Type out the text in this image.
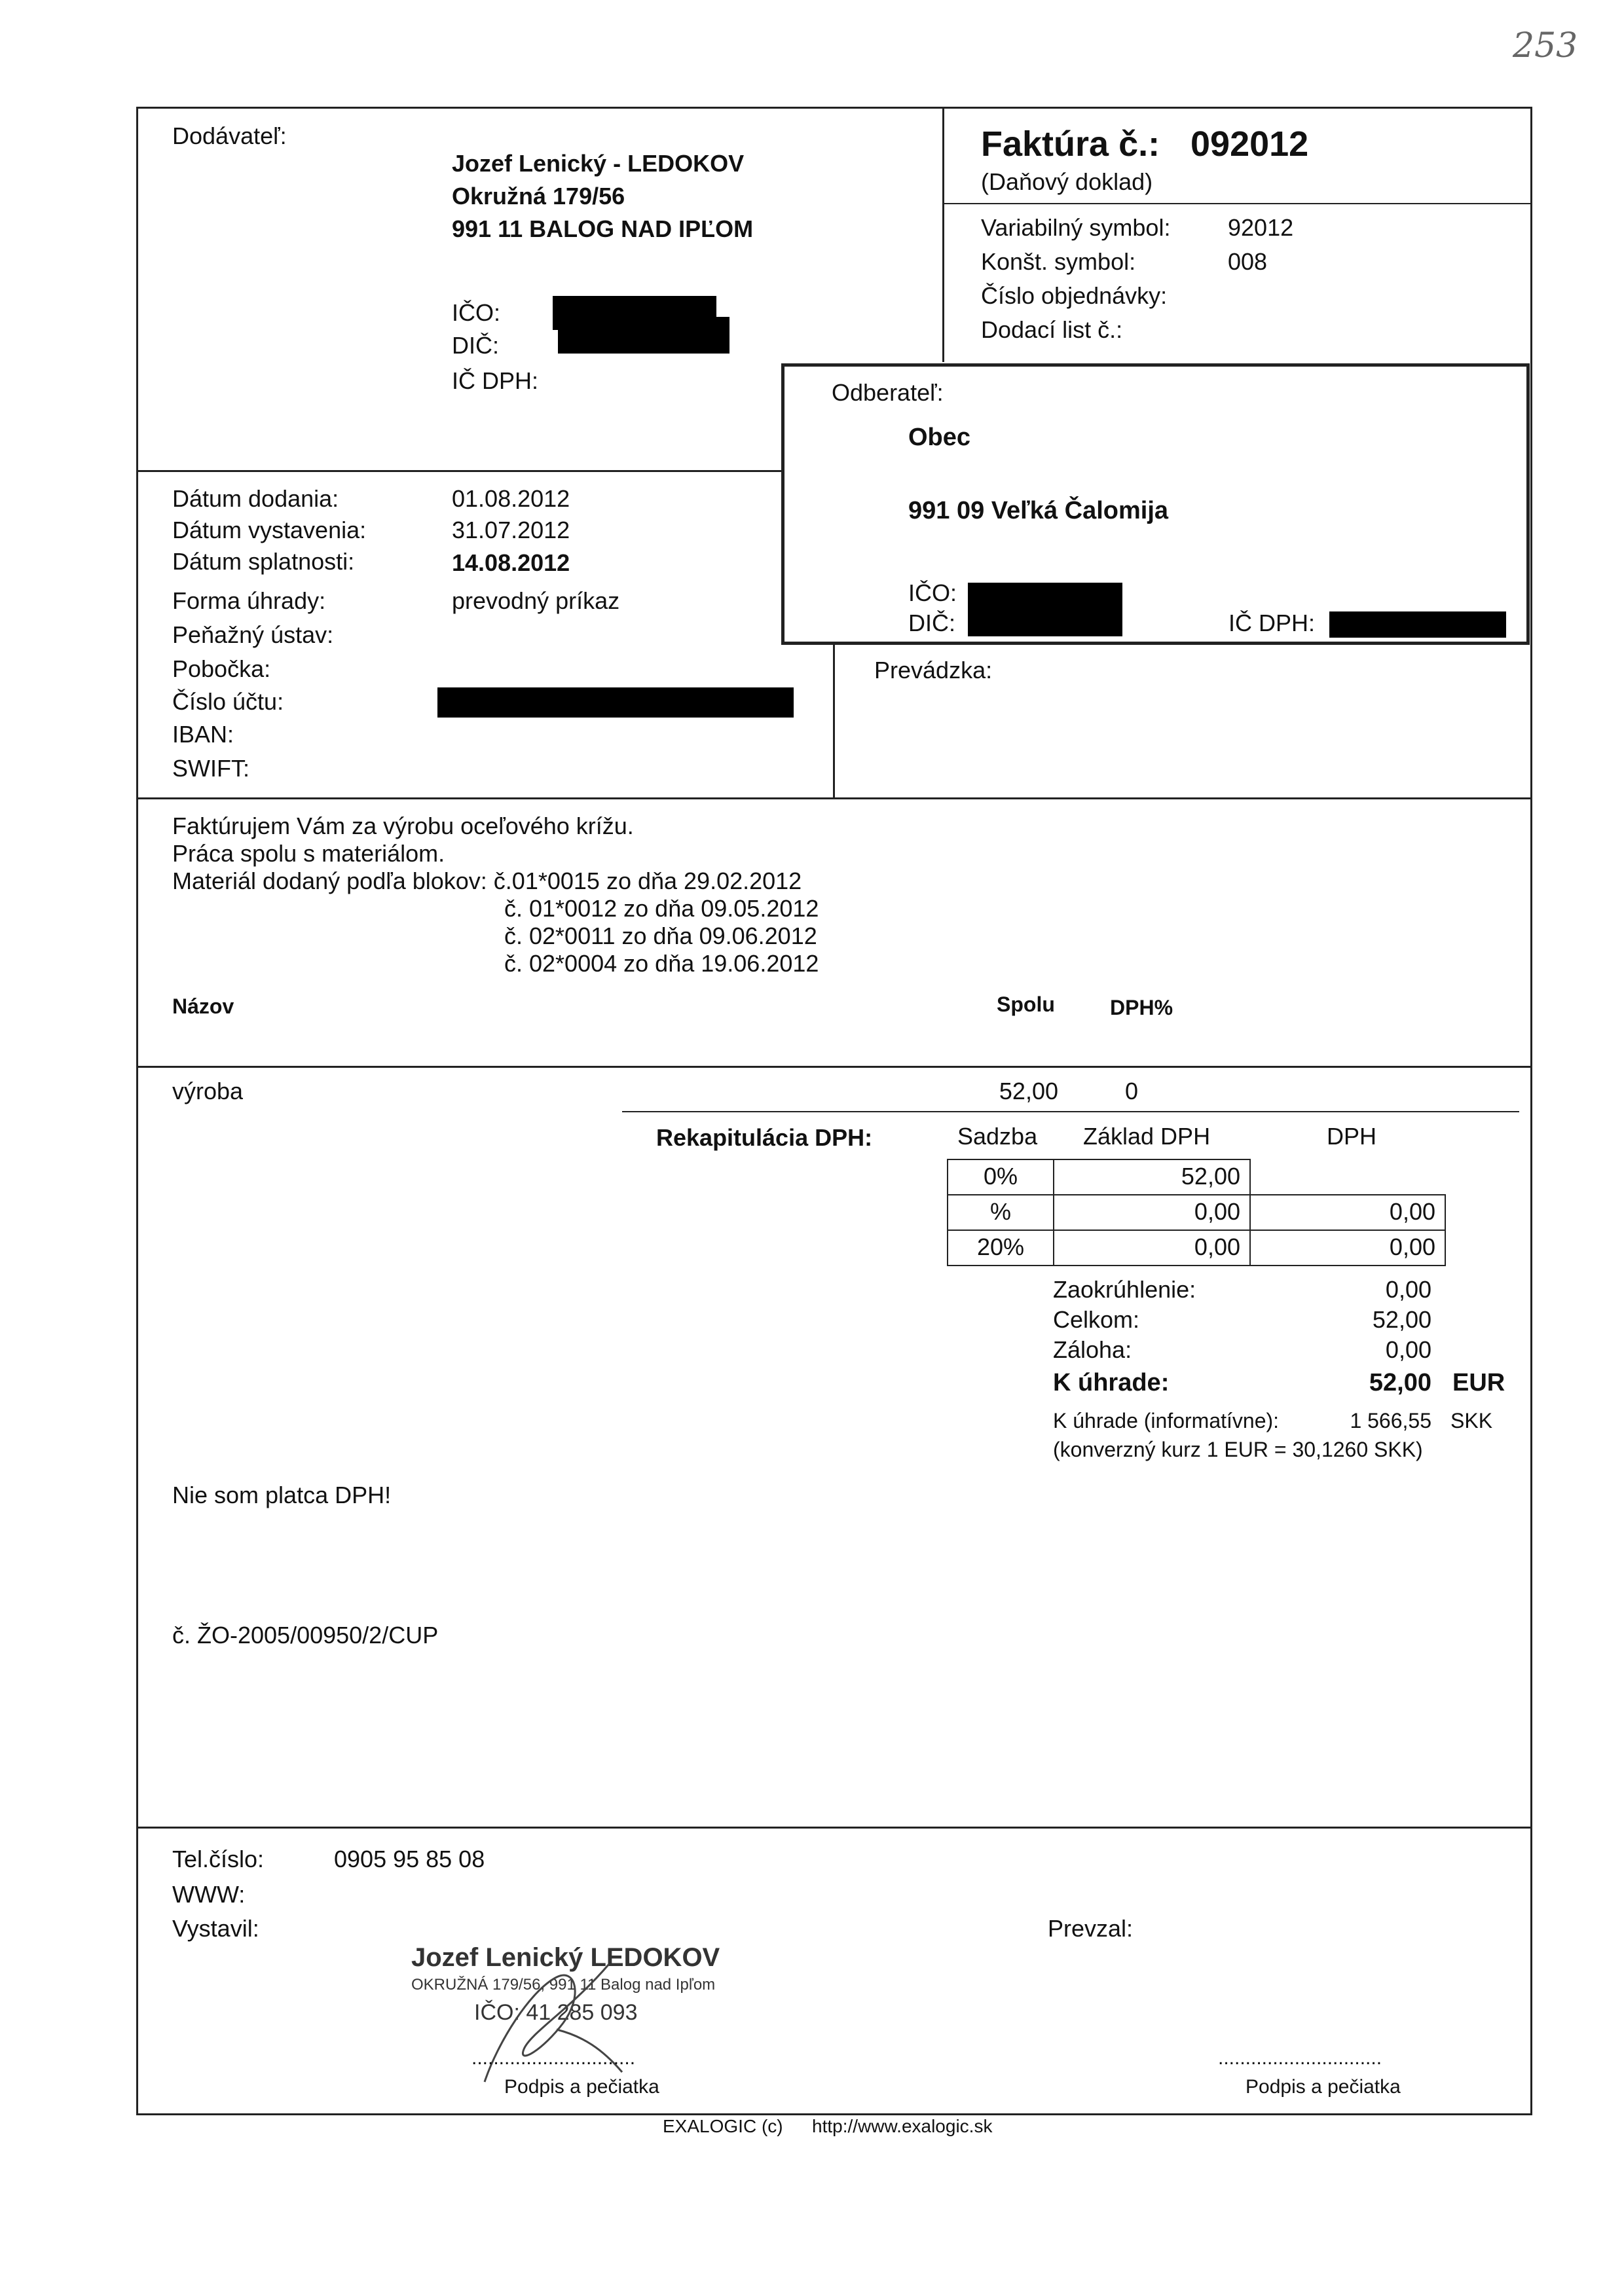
253
Dodávateľ:
Jozef Lenický - LEDOKOV
Okružná 179/56
991 11 BALOG NAD IPĽOM
IČO:
DIČ:
IČ DPH:
Faktúra č.: 092012
(Daňový doklad)
Variabilný symbol: 92012
Konšt. symbol:	008
Číslo objednávky:
Dodací list č.:
Odberateľ:
Obec
991 09 Veľká Čalomija
IČO:
DIČ:	IČ DPH:
Prevádzka:
Dátum dodania:	01.08.2012
Dátum vystavenia:	31.07.2012
Dátum splatnosti:	14.08.2012
Forma úhrady:	prevodný príkaz
Peňažný ústav:
Pobočka:
Číslo účtu:
IBAN:
SWIFT:
Faktúrujem Vám za výrobu oceľového krížu.
Práca spolu s materiálom.
Materiál dodaný podľa blokov: č.01*0015 zo dňa 29.02.2012
č. 01*0012 zo dňa 09.05.2012
č. 02*0011 zo dňa 09.06.2012
č. 02*0004 zo dňa 19.06.2012
Názov	Spolu	DPH%
výroba	52,00	0
Rekapitulácia DPH:	Sadzba Základ DPH	DPH
0%	52,00
%	0,00	0,00
20%	0,00	0,00
Zaokrúhlenie:	0,00
Celkom:	52,00
Záloha:	0,00
K úhrade:	52,00 EUR
K úhrade (informatívne):	1 566,55 SKK
(konverzný kurz 1 EUR = 30,1260 SKK)
Nie som platca DPH!
č. ŽO-2005/00950/2/CUP
Tel.číslo:	0905 95 85 08
WWW:
Vystavil:	Prevzal:
Jozef Lenický LEDOKOV
OKRUŽNÁ 179/56, 991 11 Balog nad Ipľom
IČO: 41 285 093
..............................
Podpis a pečiatka
..............................
Podpis a pečiatka
EXALOGIC (c) http://www.exalogic.sk
